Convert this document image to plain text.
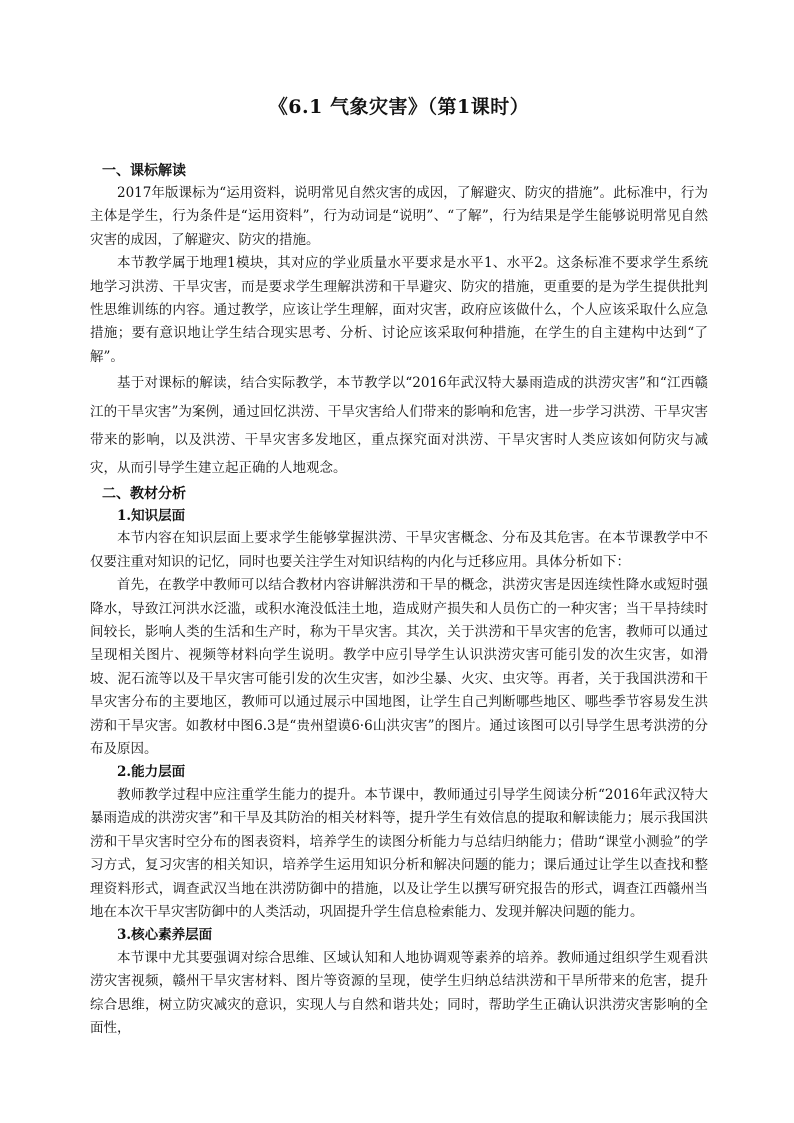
《6.1 气象灾害》（第1课时）
一、课标解读

2017年版课标为“运用资料，说明常见自然灾害的成因，了解避灾、防灾的措施”。此标准中，行为主体是学生，行为条件是“运用资料”，行为动词是“说明”、“了解”，行为结果是学生能够说明常见自然灾害的成因，了解避灾、防灾的措施。

本节教学属于地理1模块，其对应的学业质量水平要求是水平1、水平2。这条标准不要求学生系统地学习洪涝、干旱灾害，而是要求学生理解洪涝和干旱避灾、防灾的措施，更重要的是为学生提供批判性思维训练的内容。通过教学，应该让学生理解，面对灾害，政府应该做什么，个人应该采取什么应急措施；要有意识地让学生结合现实思考、分析、讨论应该采取何种措施，在学生的自主建构中达到“了解”。

基于对课标的解读，结合实际教学，本节教学以“2016年武汉特大暴雨造成的洪涝灾害”和“江西赣江的干旱灾害”为案例，通过回忆洪涝、干旱灾害给人们带来的影响和危害，进一步学习洪涝、干旱灾害带来的影响，以及洪涝、干旱灾害多发地区，重点探究面对洪涝、干旱灾害时人类应该如何防灾与减灾，从而引导学生建立起正确的人地观念。

二、教材分析
1.知识层面

本节内容在知识层面上要求学生能够掌握洪涝、干旱灾害概念、分布及其危害。在本节课教学中不仅要注重对知识的记忆，同时也要关注学生对知识结构的内化与迁移应用。具体分析如下：

首先，在教学中教师可以结合教材内容讲解洪涝和干旱的概念，洪涝灾害是因连续性降水或短时强降水，导致江河洪水泛滥，或积水淹没低洼土地，造成财产损失和人员伤亡的一种灾害；当干旱持续时间较长，影响人类的生活和生产时，称为干旱灾害。其次，关于洪涝和干旱灾害的危害，教师可以通过呈现相关图片、视频等材料向学生说明。教学中应引导学生认识洪涝灾害可能引发的次生灾害，如滑坡、泥石流等以及干旱灾害可能引发的次生灾害，如沙尘暴、火灾、虫灾等。再者，关于我国洪涝和干旱灾害分布的主要地区，教师可以通过展示中国地图，让学生自己判断哪些地区、哪些季节容易发生洪涝和干旱灾害。如教材中图6.3是“贵州望谟6·6山洪灾害”的图片。通过该图可以引导学生思考洪涝的分布及原因。

2.能力层面

教师教学过程中应注重学生能力的提升。本节课中，教师通过引导学生阅读分析“2016年武汉特大暴雨造成的洪涝灾害”和干旱及其防治的相关材料等，提升学生有效信息的提取和解读能力；展示我国洪涝和干旱灾害时空分布的图表资料，培养学生的读图分析能力与总结归纳能力；借助“课堂小测验”的学习方式，复习灾害的相关知识，培养学生运用知识分析和解决问题的能力；课后通过让学生以查找和整理资料形式，调查武汉当地在洪涝防御中的措施，以及让学生以撰写研究报告的形式，调查江西赣州当地在本次干旱灾害防御中的人类活动，巩固提升学生信息检索能力、发现并解决问题的能力。

3.核心素养层面

本节课中尤其要强调对综合思维、区域认知和人地协调观等素养的培养。教师通过组织学生观看洪涝灾害视频，赣州干旱灾害材料、图片等资源的呈现，使学生归纳总结洪涝和干旱所带来的危害，提升综合思维，树立防灾减灾的意识，实现人与自然和谐共处；同时，帮助学生正确认识洪涝灾害影响的全面性，
